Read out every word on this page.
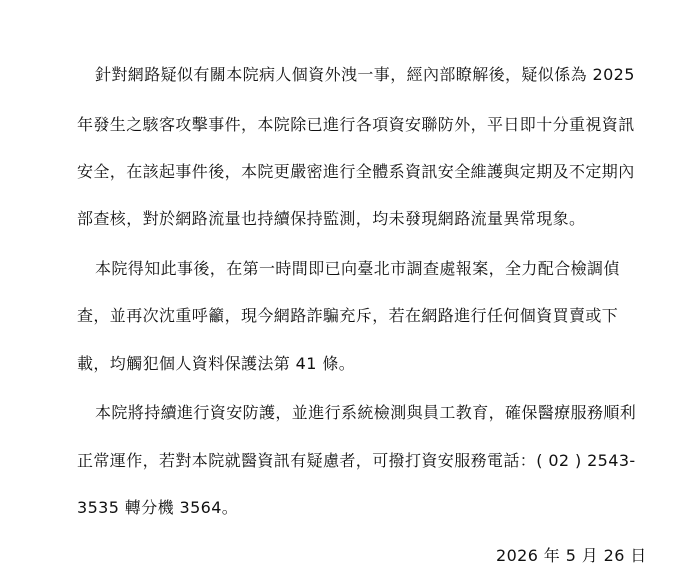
針對網路疑似有關本院病人個資外洩一事，經內部瞭解後，疑似係為 2025
年發生之駭客攻擊事件，本院除已進行各項資安聯防外，平日即十分重視資訊
安全，在該起事件後，本院更嚴密進行全體系資訊安全維護與定期及不定期內
部查核，對於網路流量也持續保持監測，均未發現網路流量異常現象。
本院得知此事後，在第一時間即已向臺北市調查處報案，全力配合檢調偵
查，並再次沈重呼籲，現今網路詐騙充斥，若在網路進行任何個資買賣或下
載，均觸犯個人資料保護法第 41 條。
本院將持續進行資安防護，並進行系統檢測與員工教育，確保醫療服務順利
正常運作，若對本院就醫資訊有疑慮者，可撥打資安服務電話：( 02 ) 2543-
3535 轉分機 3564。
2026 年 5 月 26 日
